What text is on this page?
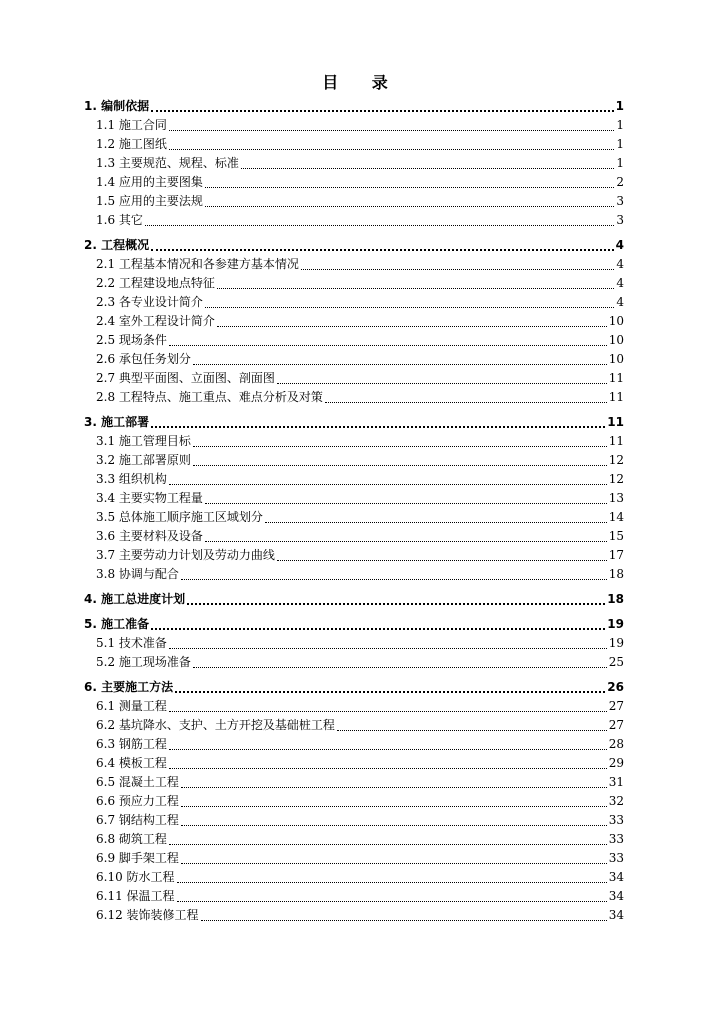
目 录
1. 编制依据	1
1.1 施工合同	1
1.2 施工图纸	1
1.3 主要规范、规程、标准	1
1.4 应用的主要图集	2
1.5 应用的主要法规	3
1.6 其它	3
2. 工程概况	4
2.1 工程基本情况和各参建方基本情况	4
2.2 工程建设地点特征	4
2.3 各专业设计简介	4
2.4 室外工程设计简介	10
2.5 现场条件	10
2.6 承包任务划分	10
2.7 典型平面图、立面图、剖面图	11
2.8 工程特点、施工重点、难点分析及对策	11
3. 施工部署	11
3.1 施工管理目标	11
3.2 施工部署原则	12
3.3 组织机构	12
3.4 主要实物工程量	13
3.5 总体施工顺序施工区域划分	14
3.6 主要材料及设备	15
3.7 主要劳动力计划及劳动力曲线	17
3.8 协调与配合	18
4. 施工总进度计划	18
5. 施工准备	19
5.1 技术准备	19
5.2 施工现场准备	25
6. 主要施工方法	26
6.1 测量工程	27
6.2 基坑降水、支护、土方开挖及基础桩工程	27
6.3 钢筋工程	28
6.4 模板工程	29
6.5 混凝土工程	31
6.6 预应力工程	32
6.7 钢结构工程	33
6.8 砌筑工程	33
6.9 脚手架工程	33
6.10 防水工程	34
6.11 保温工程	34
6.12 装饰装修工程	34
